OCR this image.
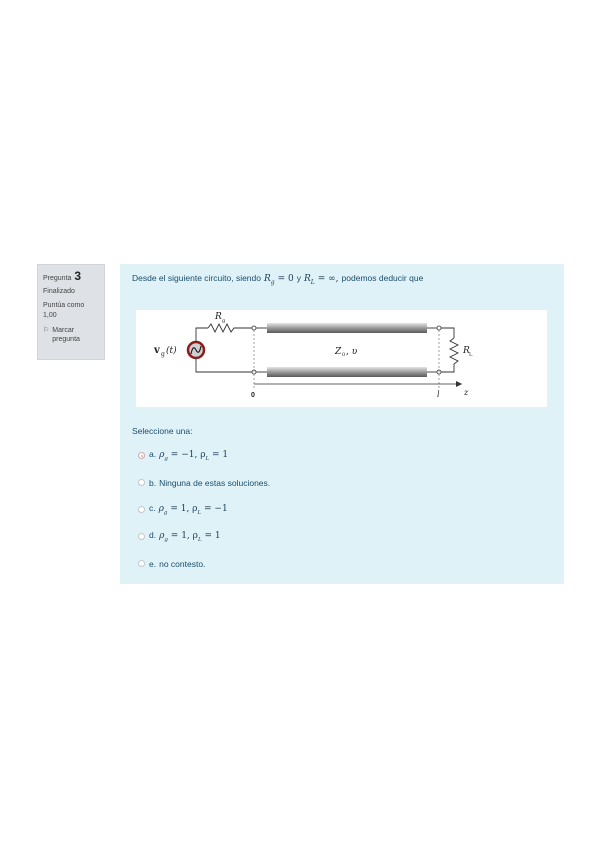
Pregunta 3
Finalizado
Puntúa como
1,00
⚐ Marcar
pregunta
Desde el siguiente circuito, siendo $R_g = 0$ y $R_L$ = ∞, podemos deducir que
v g (t)
R g
Z 0 , υ	R L
0	l	z
Seleccione una:
a. $\rho_g = -1$, $\rho_L = 1$
b. Ninguna de estas soluciones.
c. $\rho_g = 1$, $\rho_L = -1$
d. $\rho_g = 1$, $\rho_L = 1$
e. no contesto.
